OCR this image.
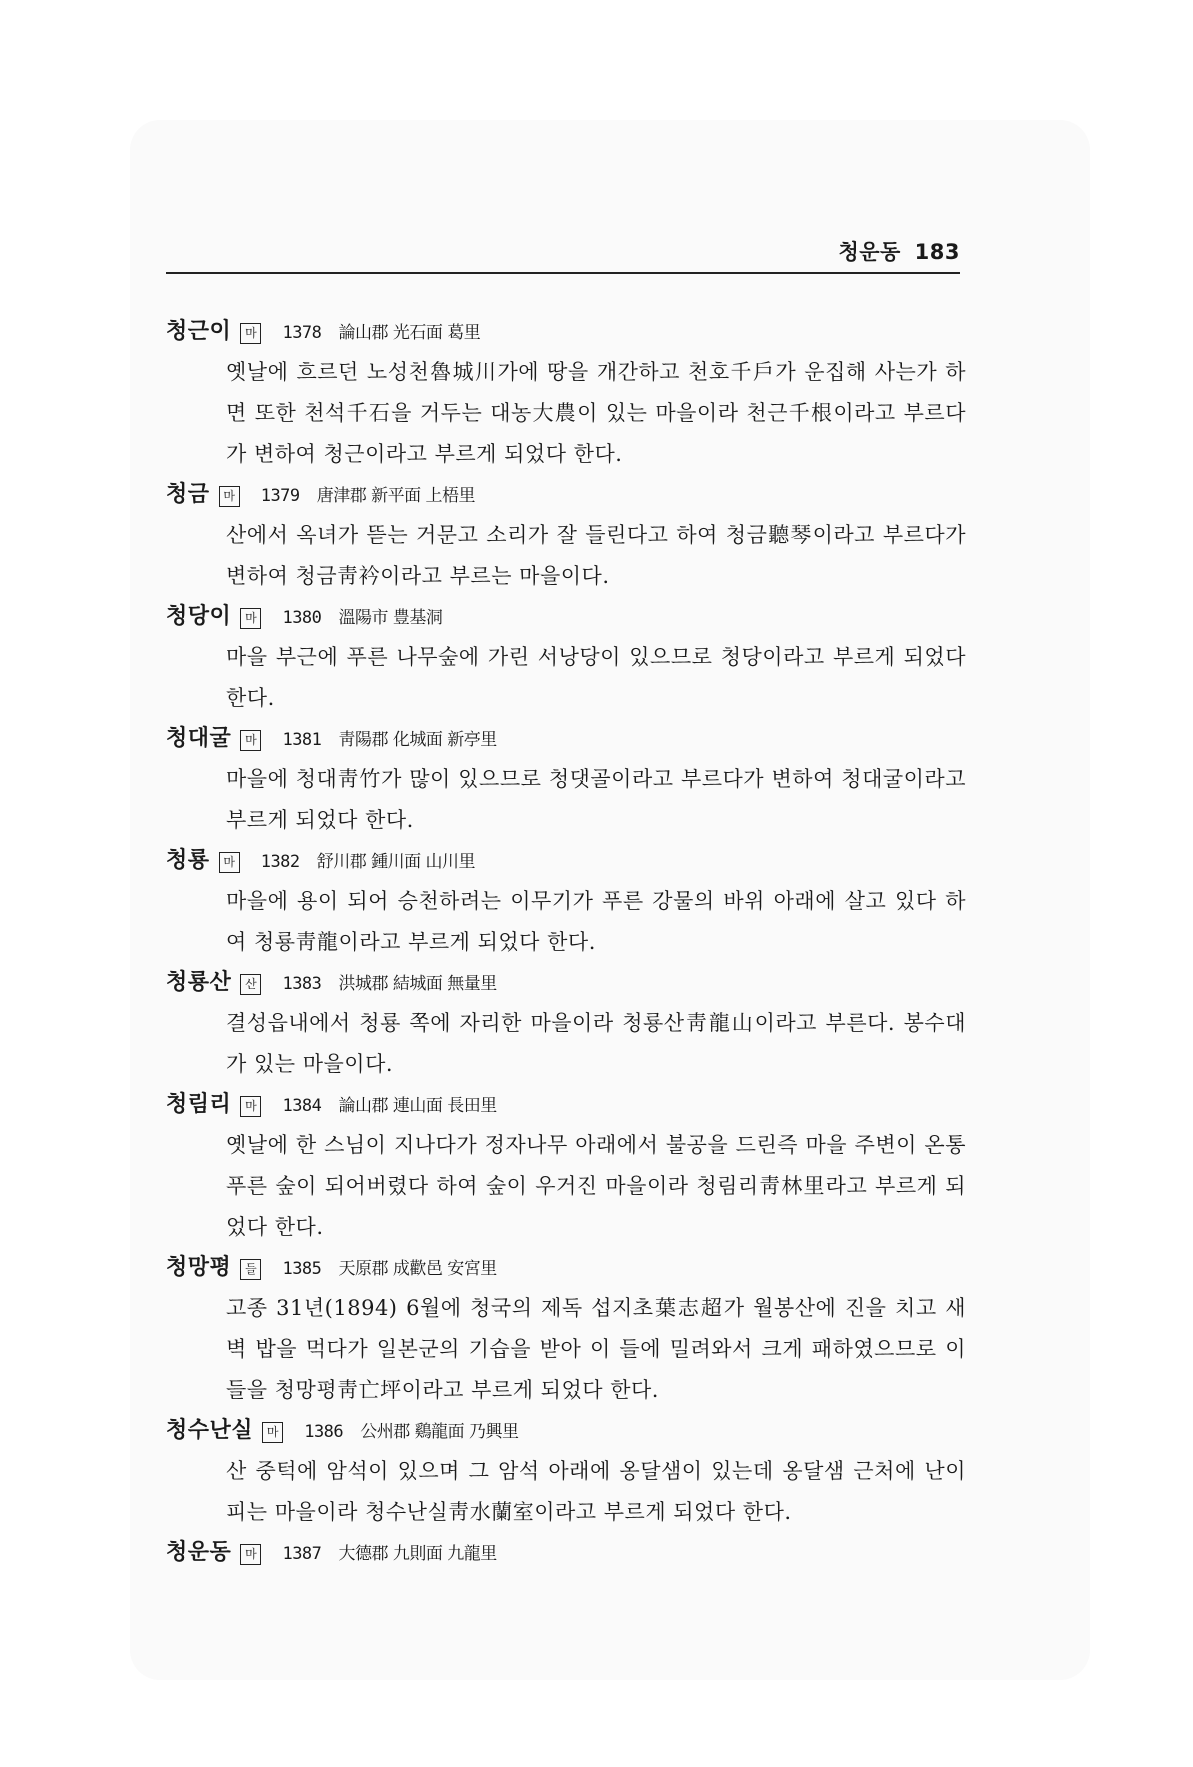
청운동 183
청근이 마 1378 論山郡 光石面 葛里
옛날에 흐르던 노성천魯城川가에 땅을 개간하고 천호千戶가 운집해 사는가 하면 또한 천석千石을 거두는 대농大農이 있는 마을이라 천근千根이라고 부르다가 변하여 청근이라고 부르게 되었다 한다.
청금 마 1379 唐津郡 新平面 上梧里
산에서 옥녀가 뜯는 거문고 소리가 잘 들린다고 하여 청금聽琴이라고 부르다가 변하여 청금靑衿이라고 부르는 마을이다.
청당이 마 1380 溫陽市 豊基洞
마을 부근에 푸른 나무숲에 가린 서낭당이 있으므로 청당이라고 부르게 되었다 한다.
청대굴 마 1381 靑陽郡 化城面 新亭里
마을에 청대靑竹가 많이 있으므로 청댓골이라고 부르다가 변하여 청대굴이라고 부르게 되었다 한다.
청룡 마 1382 舒川郡 鍾川面 山川里
마을에 용이 되어 승천하려는 이무기가 푸른 강물의 바위 아래에 살고 있다 하여 청룡靑龍이라고 부르게 되었다 한다.
청룡산 산 1383 洪城郡 結城面 無量里
결성읍내에서 청룡 쪽에 자리한 마을이라 청룡산靑龍山이라고 부른다. 봉수대가 있는 마을이다.
청림리 마 1384 論山郡 連山面 長田里
옛날에 한 스님이 지나다가 정자나무 아래에서 불공을 드린즉 마을 주변이 온통 푸른 숲이 되어버렸다 하여 숲이 우거진 마을이라 청림리靑林里라고 부르게 되었다 한다.
청망평 들 1385 天原郡 成歡邑 安宮里
고종 31년(1894) 6월에 청국의 제독 섭지초葉志超가 월봉산에 진을 치고 새벽 밥을 먹다가 일본군의 기습을 받아 이 들에 밀려와서 크게 패하였으므로 이 들을 청망평靑亡坪이라고 부르게 되었다 한다.
청수난실 마 1386 公州郡 鷄龍面 乃興里
산 중턱에 암석이 있으며 그 암석 아래에 옹달샘이 있는데 옹달샘 근처에 난이 피는 마을이라 청수난실靑水蘭室이라고 부르게 되었다 한다.
청운동 마 1387 大德郡 九則面 九龍里
